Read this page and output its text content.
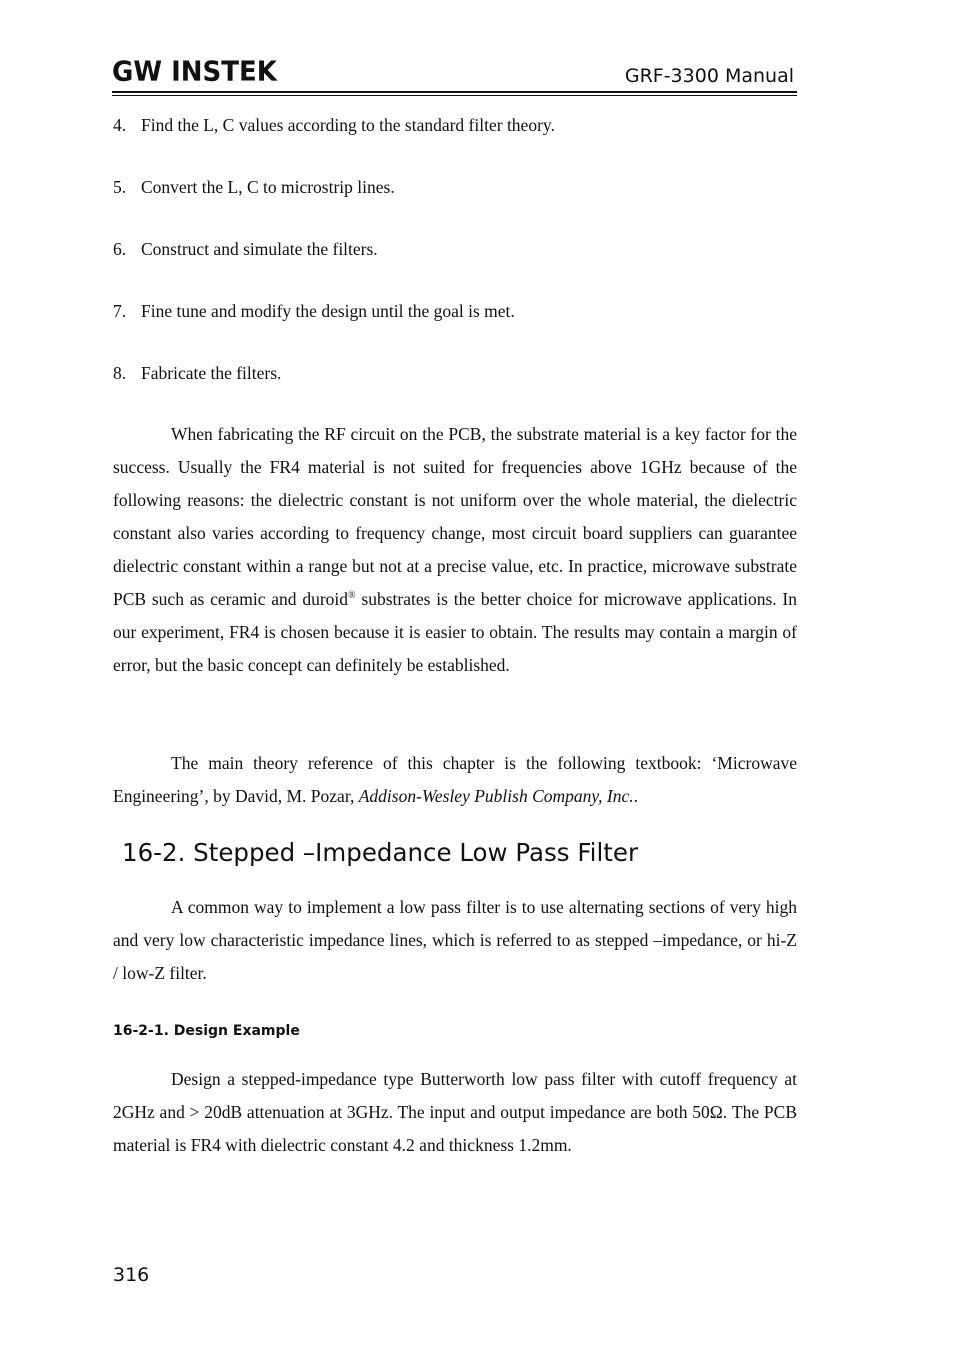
GW INSTEK	GRF-3300 Manual

4. Find the L, C values according to the standard filter theory.

5. Convert the L, C to microstrip lines.

6. Construct and simulate the filters.

7. Fine tune and modify the design until the goal is met.

8. Fabricate the filters.

When fabricating the RF circuit on the PCB, the substrate material is a key factor for the success. Usually the FR4 material is not suited for frequencies above 1GHz because of the following reasons: the dielectric constant is not uniform over the whole material, the dielectric constant also varies according to frequency change, most circuit board suppliers can guarantee dielectric constant within a range but not at a precise value, etc. In practice, microwave substrate PCB such as ceramic and duroid® substrates is the better choice for microwave applications. In our experiment, FR4 is chosen because it is easier to obtain. The results may contain a margin of error, but the basic concept can definitely be established.

The main theory reference of this chapter is the following textbook: ‘Microwave Engineering’, by David, M. Pozar, Addison-Wesley Publish Company, Inc..

16-2. Stepped –Impedance Low Pass Filter

A common way to implement a low pass filter is to use alternating sections of very high and very low characteristic impedance lines, which is referred to as stepped –impedance, or hi-Z / low-Z filter.

16-2-1. Design Example

Design a stepped-impedance type Butterworth low pass filter with cutoff frequency at 2GHz and > 20dB attenuation at 3GHz. The input and output impedance are both 50Ω. The PCB material is FR4 with dielectric constant 4.2 and thickness 1.2mm.

316
